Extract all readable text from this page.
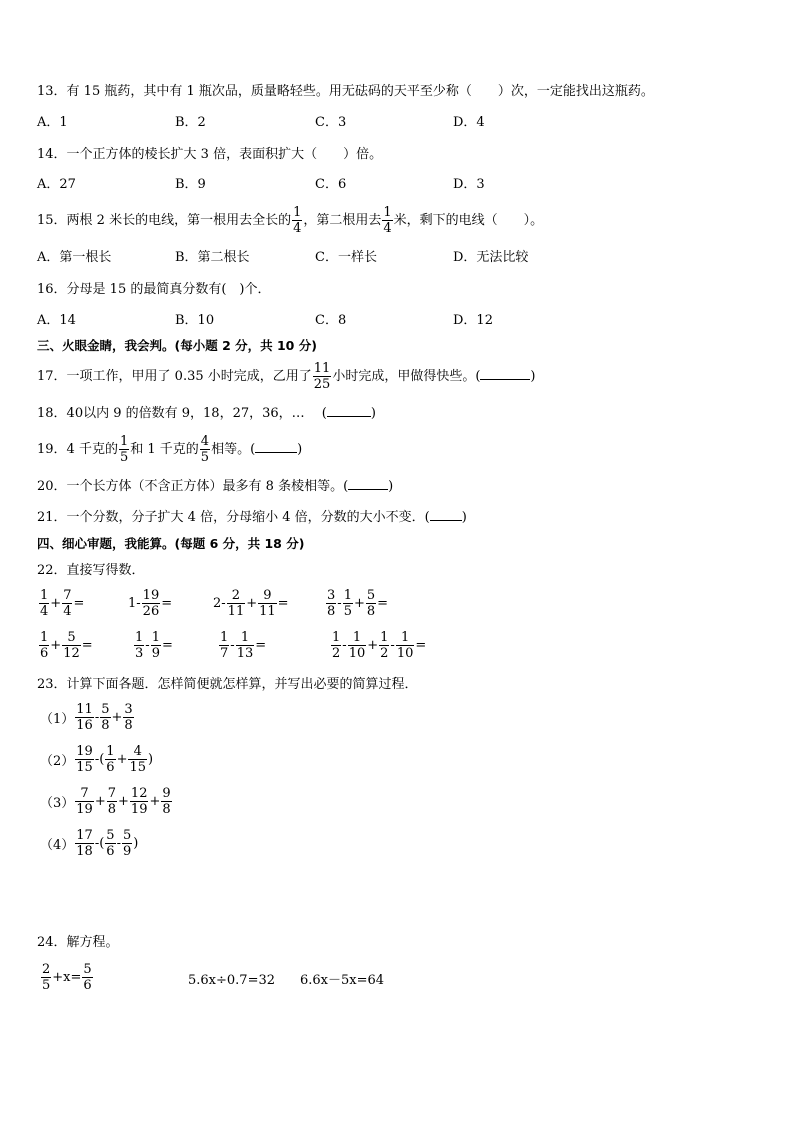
13．有 15 瓶药，其中有 1 瓶次品，质量略轻些。用无砝码的天平至少称（　　）次，一定能找出这瓶药。
A．1	B．2	C．3	D．4
14．一个正方体的棱长扩大 3 倍，表面积扩大（　　）倍。
A．27	B．9	C．6	D．3
15．两根 2 米长的电线，第一根用去全长的 $\frac{1}{4}$ ，第二根用去 $\frac{1}{4}$ 米，剩下的电线（　　）。
A．第一根长	B．第二根长	C．一样长	D．无法比较
16．分母是 15 的最简真分数有(　)个．
A．14	B．10	C．8	D．12
三、火眼金睛，我会判。(每小题 2 分，共 10 分)
17．一项工作，甲用了 0.35 小时完成，乙用了 $\frac{11}{25}$ 小时完成，甲做得快些。(	)
18．40以内 9 的倍数有 9，18，27，36，…　 (	)
19．4 千克的 $\frac{1}{5}$ 和 1 千克的 $\frac{4}{5}$ 相等。(	)
20．一个长方体（不含正方体）最多有 8 条棱相等。(	)
21．一个分数，分子扩大 4 倍，分母缩小 4 倍，分数的大小不变．( )
四、细心审题，我能算。(每题 6 分，共 18 分)
22．直接写得数．
$\frac{1}{4} + \frac{7}{4}$ =	$1- \frac{19}{26}$ =	$2- \frac{2}{11} + \frac{9}{11}$ =	$\frac{3}{8} - \frac{1}{5} + \frac{5}{8}$ =
$\frac{1}{6} + \frac{5}{12}$ =	$\frac{1}{3} - \frac{1}{9}$ =	$\frac{1}{7} - \frac{1}{13}$ =	$\frac{1}{2} - \frac{1}{10} + \frac{1}{2} - \frac{1}{10}$ =
23．计算下面各题．怎样简便就怎样算，并写出必要的简算过程．
$(1) \frac{11}{16} - \frac{5}{8} + \frac{3}{8}$
$(2) \frac{19}{15}$ -( $\frac{1}{6} + \frac{4}{15}$ )
$(3) \frac{7}{19} + \frac{7}{8} + \frac{12}{19} + \frac{9}{8}$
$(4) \frac{17}{18}$ -( $\frac{5}{6} - \frac{5}{9}$ )
24．解方程。
$\frac{2}{5} +x= \frac{5}{6}$	5.6x÷0.7=32 6.6x－5x=64
